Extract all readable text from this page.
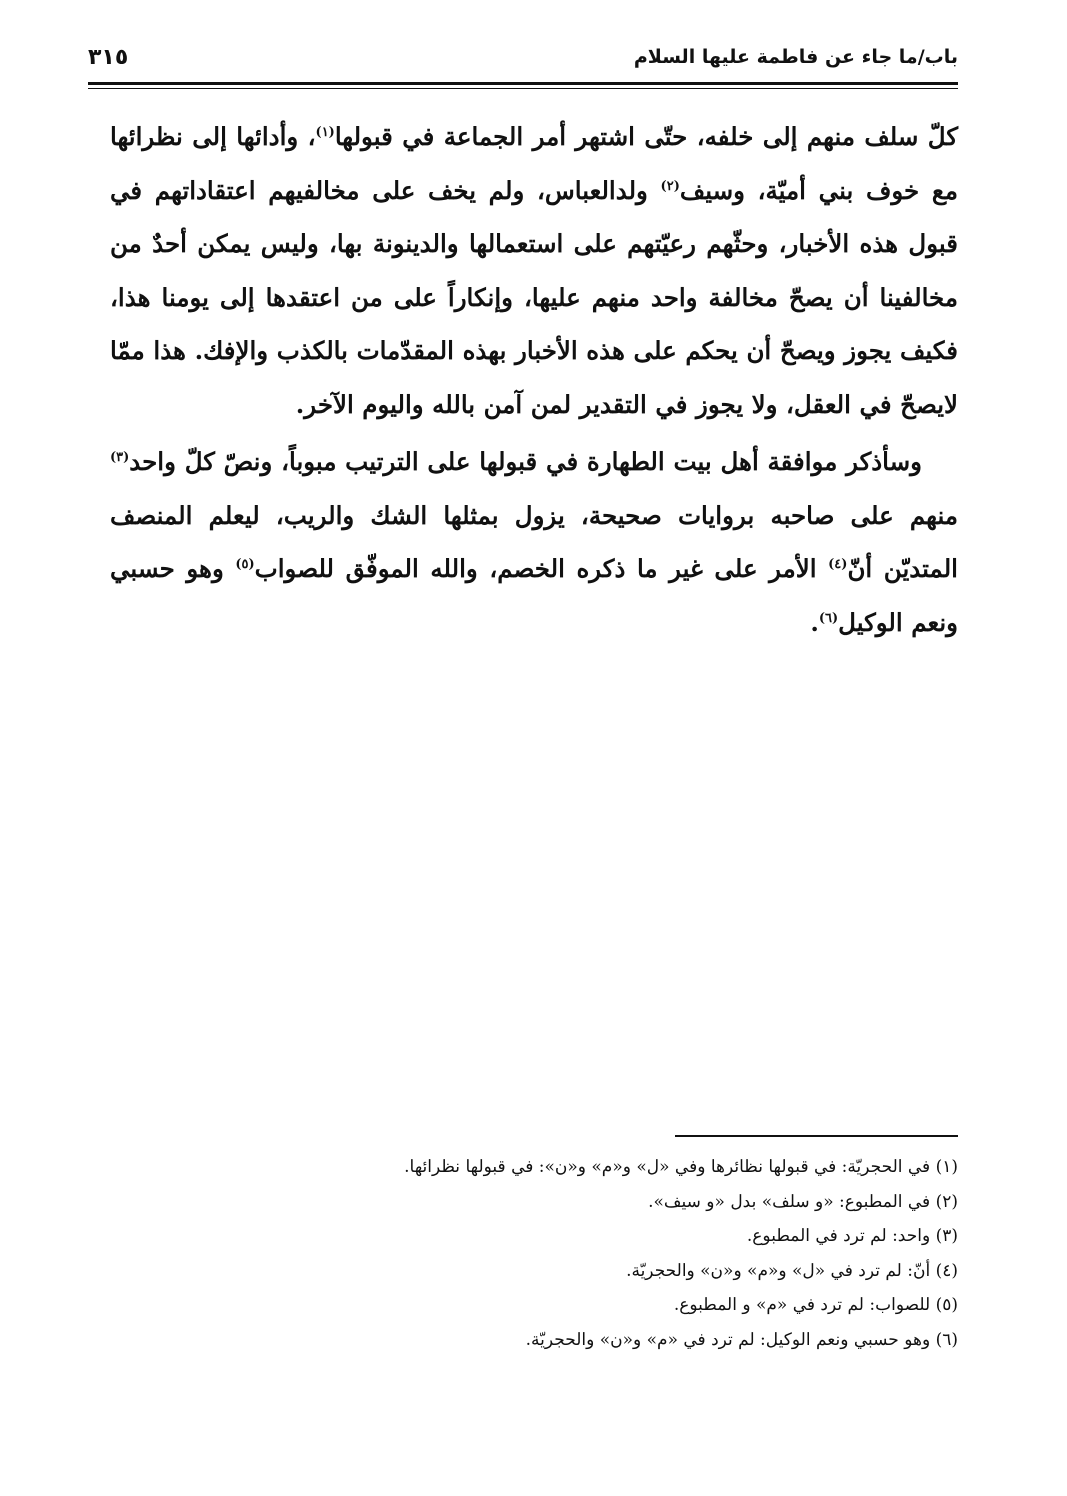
باب/ما جاء عن فاطمة عليها السلام
٣١٥

كلّ سلف منهم إلى خلفه، حتّى اشتهر أمر الجماعة في قبولها$^{(١)}$، وأدائها إلى نظرائها مع خوف بني أميّة، وسيف$^{(٢)}$ ولدالعباس، ولم يخف على مخالفيهم اعتقاداتهم في قبول هذه الأخبار، وحثّهم رعيّتهم على استعمالها والدينونة بها، وليس يمكن أحدٌ من مخالفينا أن يصحّ مخالفة واحد منهم عليها، وإنكاراً على من اعتقدها إلى يومنا هذا، فكيف يجوز ويصحّ أن يحكم على هذه الأخبار بهذه المقدّمات بالكذب والإفك. هذا ممّا لايصحّ في العقل، ولا يجوز في التقدير لمن آمن بالله واليوم الآخر.

وسأذكر موافقة أهل بيت الطهارة في قبولها على الترتيب مبوباً، ونصّ كلّ واحد$^{(٣)}$ منهم على صاحبه بروايات صحيحة، يزول بمثلها الشك والريب، ليعلم المنصف المتديّن أنّ$^{(٤)}$ الأمر على غير ما ذكره الخصم، والله الموفّق للصواب$^{(٥)}$ وهو حسبي ونعم الوكيل$^{(٦)}$.

(١) في الحجريّة: في قبولها نظائرها وفي «ل» و«م» و«ن»: في قبولها نظرائها.
(٢) في المطبوع: «و سلف» بدل «و سيف».
(٣) واحد: لم ترد في المطبوع.
(٤) أنّ: لم ترد في «ل» و«م» و«ن» والحجريّة.
(٥) للصواب: لم ترد في «م» و المطبوع.
(٦) وهو حسبي ونعم الوكيل: لم ترد في «م» و«ن» والحجريّة.
